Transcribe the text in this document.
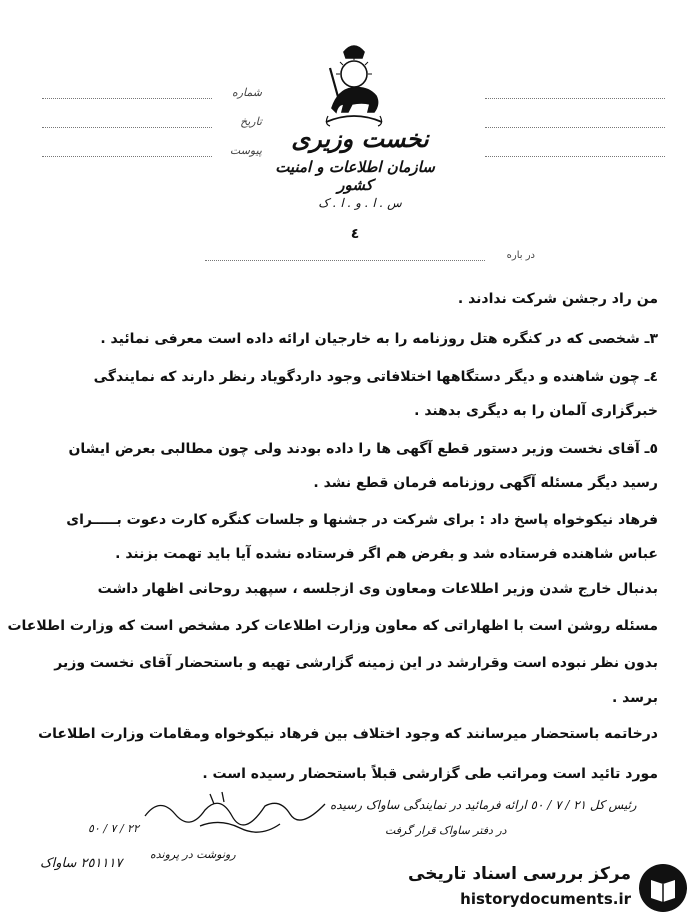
شماره
تاریخ
پیوست	نخست وزیری
سازمان اطلاعات و امنیت کشور
س . ا . و . ا . ک
٤
در باره
من راد رجشن شرکت ندادند .
٣ـ شخصی که در کنگره هتل روزنامه را به خارجیان ارائه داده است معرفی نمائید .
٤ـ چون شاهنده و دیگر دستگاهها اختلافاتی وجود داردگویاد رنظر دارند که نمایندگی
خبرگزاری آلمان را به دیگری بدهند .
٥ـ آقای نخست وزیر دستور قطع آگهی ها را داده بودند ولی چون مطالبی بعرض ایشان
رسید دیگر مسئله آگهی روزنامه فرمان قطع نشد .
فرهاد نیکوخواه پاسخ داد : برای شرکت در جشنها و جلسات کنگره کارت دعوت بـــــرای
عباس شاهنده فرستاده شد و بفرض هم اگر فرستاده نشده آیا باید تهمت بزنند .
بدنبال خارج شدن وزیر اطلاعات ومعاون وی ازجلسه ، سپهبد روحانی اظهار داشت
مسئله روشن است با اظهاراتی که معاون وزارت اطلاعات کرد مشخص است که وزارت اطلاعات
بدون نظر نبوده است وقرارشد در این زمینه گزارشی تهیه و باستحضار آقای نخست وزیر
برسد .
درخاتمه باستحضار میرسانند که وجود اختلاف بین فرهاد نیکوخواه ومقامات وزارت اطلاعات
مورد تائید است ومراتب طی گزارشی قبلاً باستحضار رسیده است .
رئیس کل ٢١ / ٧ / ٥٠ ارائه فرمائید در نمایندگی ساواک رسیده
در دفتر ساواک قرار گرفت
٢٥١١١٧ ساواک
٢٢ / ٧ / ٥٠
رونوشت در پرونده
مرکز بررسی اسناد تاریخی
historydocuments.ir
